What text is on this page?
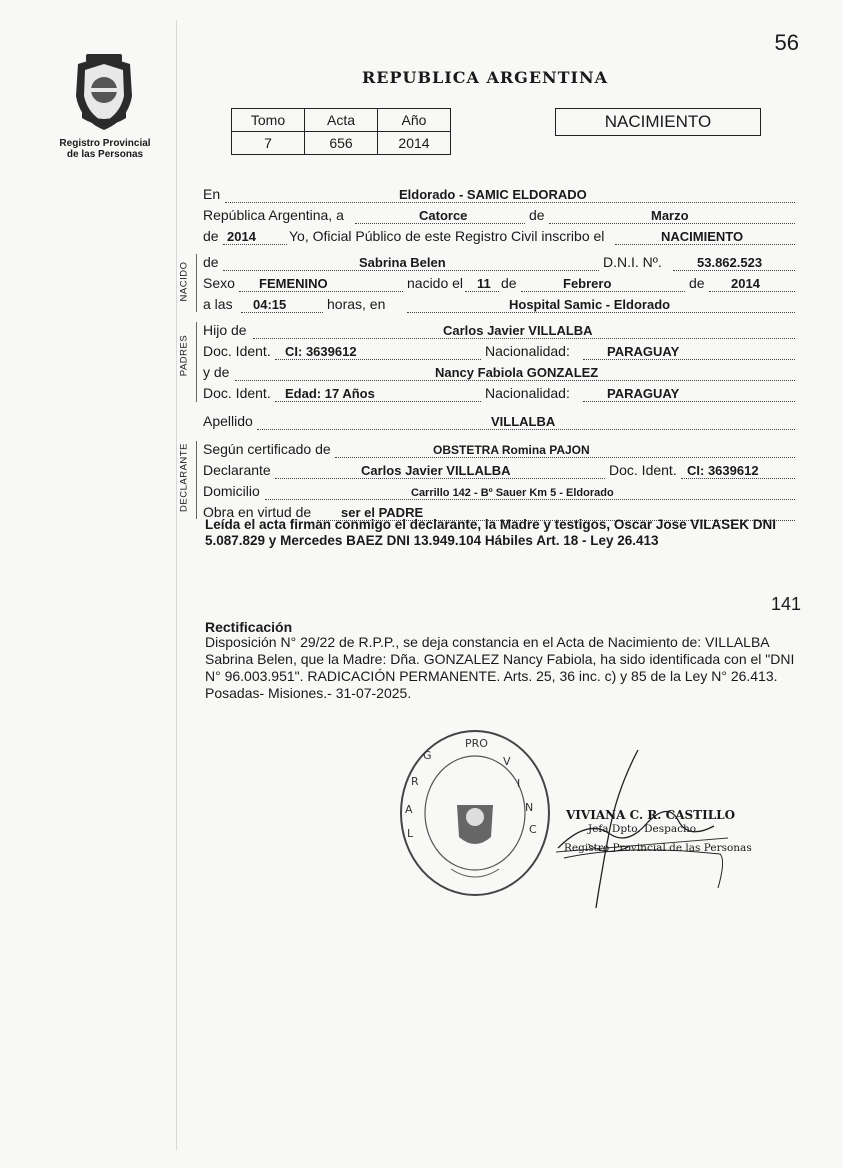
56
Registro Provincial
de las Personas
REPUBLICA ARGENTINA
Tomo	Acta	Año
7	656	2014
NACIMIENTO
En	Eldorado - SAMIC ELDORADO
República Argentina, a	Catorce	de	Marzo
de 2014 Yo, Oficial Público de este Registro Civil inscribo el	NACIMIENTO
NACIDO de	Sabrina Belen	D.N.I. Nº.	53.862.523
Sexo FEMENINO	nacido el 11 de	Febrero	de 2014
a las 04:15	horas, en	Hospital Samic - Eldorado
PADRES
Hijo de	Carlos Javier VILLALBA
Doc. Ident. CI: 3639612	Nacionalidad:	PARAGUAY
y de	Nancy Fabiola GONZALEZ
Doc. Ident. Edad: 17 Años	Nacionalidad:	PARAGUAY
Apellido	VILLALBA
DECLARANTE Según certificado de	OBSTETRA Romina PAJON
Declarante	Carlos Javier VILLALBA	Doc. Ident. CI: 3639612
Domicilio	Carrillo 142 - Bº Sauer Km 5 - Eldorado
Obra en virtud de ser el PADRE
Leída el acta firman conmigo el declarante, la Madre y testigos, Oscar Jose VILASEK DNI 5.087.829 y Mercedes BAEZ DNI 13.949.104 Hábiles Art. 18 - Ley 26.413
141
Rectificación
Disposición N° 29/22 de R.P.P., se deja constancia en el Acta de Nacimiento de: VILLALBA Sabrina Belen, que la Madre: Dña. GONZALEZ Nancy Fabiola, ha sido identificada con el "DNI N° 96.003.951". RADICACIÓN PERMANENTE. Arts. 25, 36 inc. c) y 85 de la Ley N° 26.413. Posadas- Misiones.- 31-07-2025.
PRO
V
I
N
C
G
R
A
L
VIVIANA C. R. CASTILLO
Jefa Dpto. Despacho
Registro Provincial de las Personas
